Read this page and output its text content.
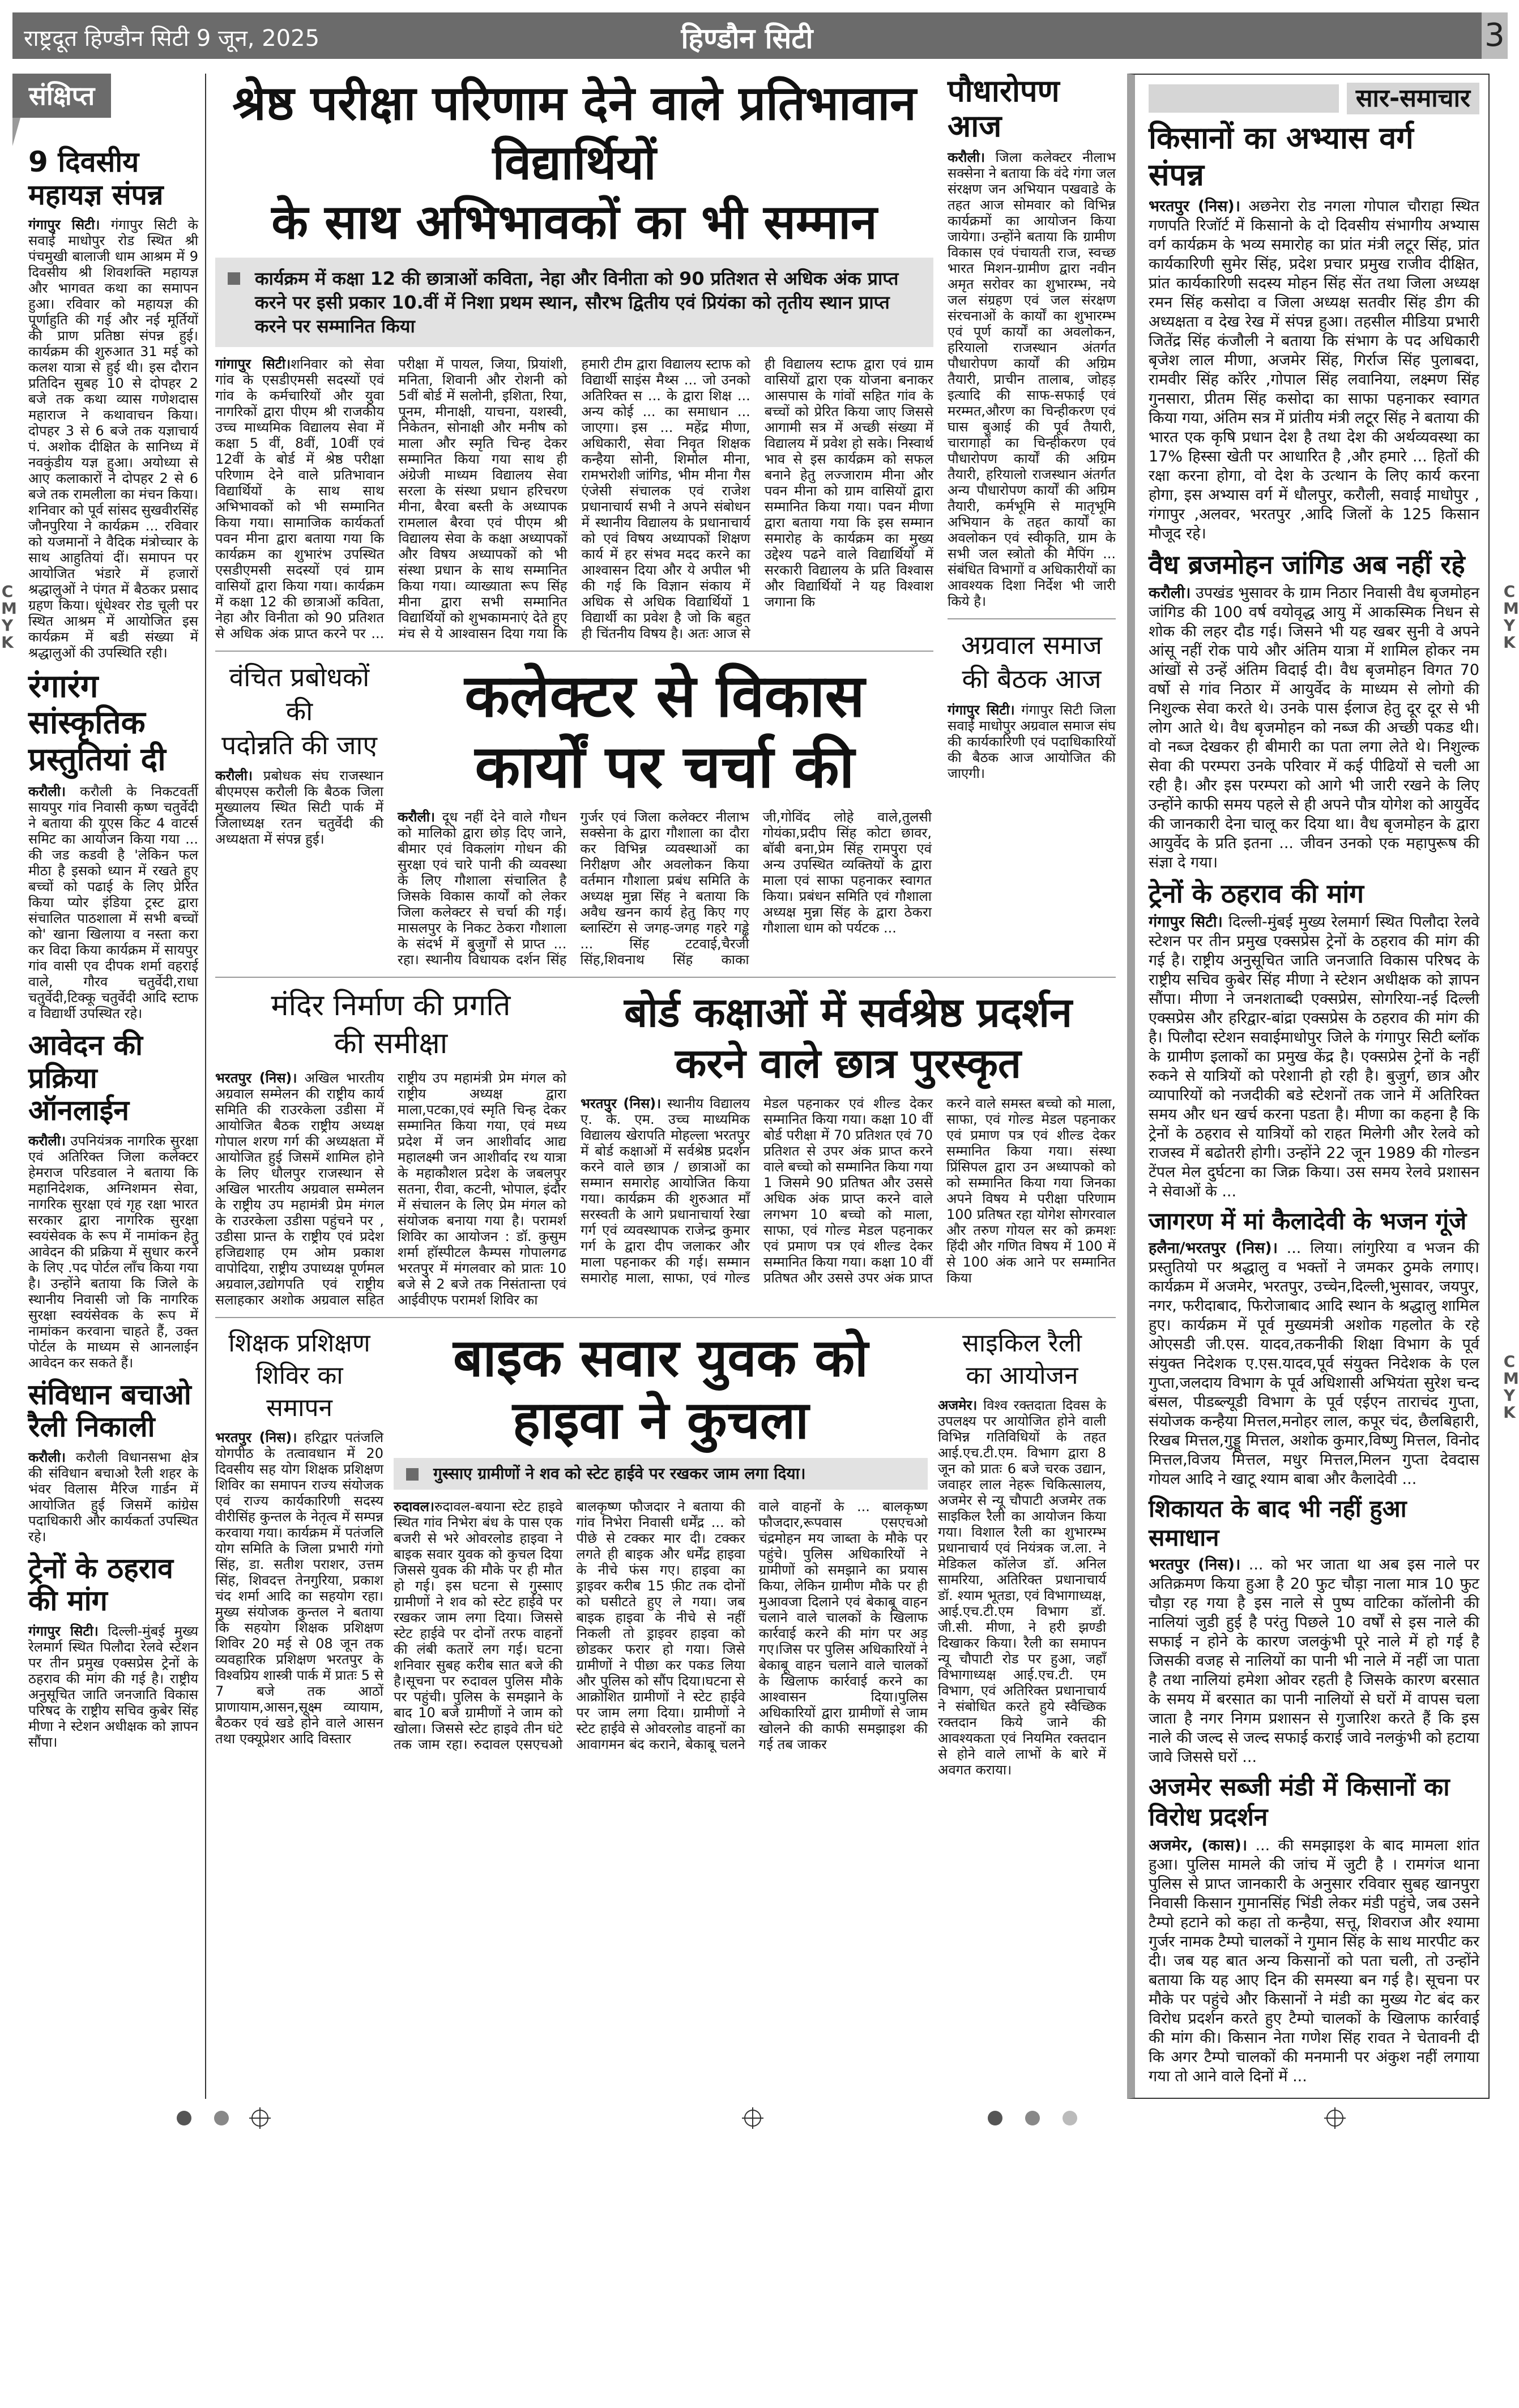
राष्ट्रदूत हिण्डौन सिटी 9 जून, 2025	हिण्डौन सिटी	3
CMYK
संक्षिप्त
9 दिवसीय महायज्ञ संपन्न
गंगापुर सिटी। गंगापुर सिटी के सवाई माधोपुर रोड स्थित श्री पंचमुखी बालाजी धाम आश्रम में 9 दिवसीय श्री शिवशक्ति महायज्ञ और भागवत कथा का समापन हुआ। रविवार को महायज्ञ की पूर्णाहुति की गई और नई मूर्तियों की प्राण प्रतिष्ठा संपन्न हुई। कार्यक्रम की शुरुआत 31 मई को कलश यात्रा से हुई थी। इस दौरान प्रतिदिन सुबह 10 से दोपहर 2 बजे तक कथा व्यास गणेशदास महाराज ने कथावाचन किया। दोपहर 3 से 6 बजे तक यज्ञाचार्य पं. अशोक दीक्षित के सानिध्य में नवकुंडीय यज्ञ हुआ। अयोध्या से आए कलाकारों ने दोपहर 2 से 6 बजे तक रामलीला का मंचन किया। शनिवार को पूर्व सांसद सुखवीरसिंह जौनपुरिया ने कार्यक्रम ... रविवार को यजमानों ने वैदिक मंत्रोच्चार के साथ आहुतियां दीं। समापन पर आयोजित भंडारे में हजारों श्रद्धालुओं ने पंगत में बैठकर प्रसाद ग्रहण किया। धूंधेश्वर रोड चूली पर स्थित आश्रम में आयोजित इस कार्यक्रम में बडी संख्या में श्रद्धालुओं की उपस्थिति रही।
रंगारंग सांस्कृतिक प्रस्तुतियां दी
करौली। करौली के निकटवर्ती सायपुर गांव निवासी कृष्ण चतुर्वेदी ने बताया की यूएस किट 4 वाटर्स समिट का आयोजन किया गया ... की जड कडवी है 'लेकिन फल मीठा है इसको ध्यान में रखते हुए बच्चों को पढाई के लिए प्रेरित किया प्योर इंडिया ट्रस्ट द्वारा संचालित पाठशाला में सभी बच्चों को' खाना खिलाया व नस्ता करा कर विदा किया कार्यक्रम में सायपुर गांव वासी एव दीपक शर्मा वहराई वाले, गौरव चतुर्वेदी,राधा चतुर्वेदी,टिक्कू चतुर्वेदी आदि स्टाफ व विद्यार्थी उपस्थित रहे।
आवेदन की प्रक्रिया ऑनलाईन
करौली। उपनियंत्रक नागरिक सुरक्षा एवं अतिरिक्त जिला कलेक्टर हेमराज परिडवाल ने बताया कि महानिदेशक, अग्निशमन सेवा, नागरिक सुरक्षा एवं गृह रक्षा भारत सरकार द्वारा नागरिक सुरक्षा स्वयंसेवक के रूप में नामांकन हेतु आवेदन की प्रक्रिया में सुधार करने के लिए .पद पोर्टल लॉंच किया गया है। उन्होंने बताया कि जिले के स्थानीय निवासी जो कि नागरिक सुरक्षा स्वयंसेवक के रूप में नामांकन करवाना चाहते हैं, उक्त पोर्टल के माध्यम से आनलाईन आवेदन कर सकते हैं।
संविधान बचाओ रैली निकाली
करौली। करौली विधानसभा क्षेत्र की संविधान बचाओ रैली शहर के भंवर विलास मैरिज गार्डन में आयोजित हुई जिसमें कांग्रेस पदाधिकारी और कार्यकर्ता उपस्थित रहे।
ट्रेनों के ठहराव की मांग
गंगापुर सिटी। दिल्ली-मुंबई मुख्य रेलमार्ग स्थित पिलौदा रेलवे स्टेशन पर तीन प्रमुख एक्सप्रेस ट्रेनों के ठहराव की मांग की गई है। राष्ट्रीय अनुसूचित जाति जनजाति विकास परिषद के राष्ट्रीय सचिव कुबेर सिंह मीणा ने स्टेशन अधीक्षक को ज्ञापन सौंपा।
श्रेष्ठ परीक्षा परिणाम देने वाले प्रतिभावान विद्यार्थियों
के साथ अभिभावकों का भी सम्मान
कार्यक्रम में कक्षा 12 की छात्राओं कविता, नेहा और विनीता को 90 प्रतिशत से अधिक अंक प्राप्त करने पर इसी प्रकार 10.वीं में निशा प्रथम स्थान, सौरभ द्वितीय एवं प्रियंका को तृतीय स्थान प्राप्त करने पर सम्मानित किया
गांगापुर सिटी।शनिवार को सेवा गांव के एसडीएमसी सदस्यों एवं गांव के कर्मचारियों और युवा नागरिकों द्वारा पीएम श्री राजकीय उच्च माध्यमिक विद्यालय सेवा में कक्षा 5 वीं, 8वीं, 10वीं एवं 12वीं के बोर्ड में श्रेष्ठ परीक्षा परिणाम देने वाले प्रतिभावान विद्यार्थियों के साथ साथ अभिभावकों को भी सम्मानित किया गया। सामाजिक कार्यकर्ता पवन मीना द्वारा बताया गया कि कार्यक्रम का शुभारंभ उपस्थित एसडीएमसी सदस्यों एवं ग्राम वासियों द्वारा किया गया। कार्यक्रम में कक्षा 12 की छात्राओं कविता, नेहा और विनीता को 90 प्रतिशत से अधिक अंक प्राप्त करने पर ... परीक्षा में पायल, जिया, प्रियांशी, मनिता, शिवानी और रोशनी को 5वीं बोर्ड में सलोनी, इशिता, रिया, पूनम, मीनाक्षी, याचना, यशस्वी, निकेतन, सोनाक्षी और मनीष को माला और स्मृति चिन्ह देकर सम्मानित किया गया साथ ही अंग्रेजी माध्यम विद्यालय सेवा सरला के संस्था प्रधान हरिचरण मीना, बैरवा बस्ती के अध्यापक रामलाल बैरवा एवं पीएम श्री विद्यालय सेवा के कक्षा अध्यापकों और विषय अध्यापकों को भी संस्था प्रधान के साथ सम्मानित किया गया। व्याख्याता रूप सिंह मीना द्वारा सभी सम्मानित विद्यार्थियों को शुभकामनाएं देते हुए मंच से ये आश्वासन दिया गया कि हमारी टीम द्वारा विद्यालय स्टाफ को विद्यार्थी साइंस मैथ्स ... जो उनको अतिरिक्त स ... के द्वारा शिक्ष ... अन्य कोई ... का समाधान ... जाएगा। इस ... महेंद्र मीणा, अधिकारी, सेवा निवृत शिक्षक कन्हैया सोनी, शिमोल मीना, रामभरोशी जांगिड, भीम मीना गैस एंजेसी संचालक एवं राजेश प्रधानाचार्य सभी ने अपने संबोधन में स्थानीय विद्यालय के प्रधानाचार्य को एवं विषय अध्यापकों शिक्षण कार्य में हर संभव मदद करने का आश्वासन दिया और ये अपील भी की गई कि विज्ञान संकाय में अधिक से अधिक विद्यार्थियों 1 विद्यार्थी का प्रवेश है जो कि बहुत ही चिंतनीय विषय है। अतः आज से ही विद्यालय स्टाफ द्वारा एवं ग्राम वासियों द्वारा एक योजना बनाकर आसपास के गांवों सहित गांव के बच्चों को प्रेरित किया जाए जिससे आगामी सत्र में अच्छी संख्या में विद्यालय में प्रवेश हो सके। निस्वार्थ भाव से इस कार्यक्रम को सफल बनाने हेतु लज्जाराम मीना और पवन मीना को ग्राम वासियों द्वारा सम्मानित किया गया। पवन मीणा द्वारा बताया गया कि इस सम्मान समारोह के कार्यक्रम का मुख्य उद्देश्य पढने वाले विद्यार्थियों में सरकारी विद्यालय के प्रति विश्वास और विद्यार्थियों ने यह विश्वाश जगाना कि
वंचित प्रबोधकों की
पदोन्नति की जाए
करौली। प्रबोधक संघ राजस्थान बीएमएस करौली कि बैठक जिला मुख्यालय स्थित सिटी पार्क में जिलाध्यक्ष रतन चतुर्वेदी की अध्यक्षता में संपन्न हुई।
कलेक्टर से विकास
कार्यों पर चर्चा की
करौली। दूध नहीं देने वाले गौधन को मालिको द्वारा छोड़ दिए जाने, बीमार एवं विकलांग गोधन की सुरक्षा एवं चारे पानी की व्यवस्था के लिए गौशाला संचालित है जिसके विकास कार्यों को लेकर जिला कलेक्टर से चर्चा की गई। मासलपुर के निकट ठेकरा गौशाला के संदर्भ में बुजुर्गों से प्राप्त ... रहा। स्थानीय विधायक दर्शन सिंह गुर्जर एवं जिला कलेक्टर नीलाभ सक्सेना के द्वारा गौशाला का दौरा कर विभिन्न व्यवस्थाओं का निरीक्षण और अवलोकन किया वर्तमान गौशाला प्रबंध समिति के अध्यक्ष मुन्ना सिंह ने बताया कि अवैध खनन कार्य हेतु किए गए ब्लास्टिंग से जगह-जगह गहरे गड्ढे ... सिंह टटवाई,चैरजी सिंह,शिवनाथ सिंह काका जी,गोविंद लोहे वाले,तुलसी गोयंका,प्रदीप सिंह कोटा छावर, बॉबी बना,प्रेम सिंह रामपुरा एवं अन्य उपस्थित व्यक्तियों के द्वारा माला एवं साफा पहनाकर स्वागत किया। प्रबंधन समिति एवं गौशाला अध्यक्ष मुन्ना सिंह के द्वारा ठेकरा गौशाला धाम को पर्यटक ...
पौधारोपण आज
करौली। जिला कलेक्टर नीलाभ सक्सेना ने बताया कि वंदे गंगा जल संरक्षण जन अभियान पखवाडे के तहत आज सोमवार को विभिन्न कार्यक्रमों का आयोजन किया जायेगा। उन्होंने बताया कि ग्रामीण विकास एवं पंचायती राज, स्वच्छ भारत मिशन-ग्रामीण द्वारा नवीन अमृत सरोवर का शुभारम्भ, नये जल संग्रहण एवं जल संरक्षण संरचनाओं के कार्यों का शुभारम्भ एवं पूर्ण कार्यों का अवलोकन, हरियालो राजस्थान अंतर्गत पौधारोपण कार्यों की अग्रिम तैयारी, प्राचीन तालाब, जोहड़ इत्यादि की साफ-सफाई एवं मरम्मत,औरण का चिन्हीकरण एवं घास बुआई की पूर्व तैयारी, चारागाहों का चिन्हीकरण एवं पौधारोपण कार्यों की अग्रिम तैयारी, हरियालो राजस्थान अंतर्गत अन्य पौधारोपण कार्यों की अग्रिम तैयारी, कर्मभूमि से मातृभूमि अभियान के तहत कार्यों का अवलोकन एवं स्वीकृति, ग्राम के सभी जल स्त्रोतो की मैपिंग ... संबंधित विभागों व अधिकारीयों का आवश्यक दिशा निर्देश भी जारी किये है।
अग्रवाल समाज
की बैठक आज
गंगापुर सिटी। गंगापुर सिटी जिला सवाई माधोपुर अग्रवाल समाज संघ की कार्यकारिणी एवं पदाधिकारियों की बैठक आज आयोजित की जाएगी।
मंदिर निर्माण की प्रगति
की समीक्षा
भरतपुर (निस)। अखिल भारतीय अग्रवाल सम्मेलन की राष्ट्रीय कार्य समिति की राउरकेला उडीसा में आयोजित बैठक राष्ट्रीय अध्यक्ष गोपाल शरण गर्ग की अध्यक्षता में आयोजित हुई जिसमें शामिल होने के लिए धौलपुर राजस्थान से अखिल भारतीय अग्रवाल सम्मेलन के राष्ट्रीय उप महामंत्री प्रेम मंगल के राउरकेला उडीसा पहुंचने पर , उडीसा प्रान्त के राष्ट्रीय एवं प्रदेश हजिद्यशाह एम ओम प्रकाश वापोदिया, राष्ट्रीय उपाध्यक्ष पूर्णमल अग्रवाल,उद्योगपति एवं राष्ट्रीय सलाहकार अशोक अग्रवाल सहित राष्ट्रीय उप महामंत्री प्रेम मंगल को राष्ट्रीय अध्यक्ष द्वारा माला,पटका,एवं स्मृति चिन्ह देकर सम्मानित किया गया, एवं मध्य प्रदेश में जन आशीर्वाद आद्य महालक्ष्मी जन आशीर्वाद रथ यात्रा के महाकौशल प्रदेश के जबलपुर सतना, रीवा, कटनी, भोपाल, इंदौर में संचालन के लिए प्रेम मंगल को संयोजक बनाया गया है। परामर्श शिविर का आयोजन : डॉ. कुसुम शर्मा हॉस्पीटल कैम्पस गोपालगढ भरतपुर में मंगलवार को प्रातः 10 बजे से 2 बजे तक निसंतान्ता एवं आईवीएफ परामर्श शिविर का
बोर्ड कक्षाओं में सर्वश्रेष्ठ प्रदर्शन
करने वाले छात्र पुरस्कृत
भरतपुर (निस)। स्थानीय विद्यालय ए. के. एम. उच्च माध्यमिक विद्यालय खेरापति मोहल्ला भरतपुर में बोर्ड कक्षाओं में सर्वश्रेष्ठ प्रदर्शन करने वाले छात्र / छात्राओं का सम्मान समारोह आयोजित किया गया। कार्यक्रम की शुरुआत माँ सरस्वती के आगे प्रधानाचार्या रेखा गर्ग एवं व्यवस्थापक राजेन्द्र कुमार गर्ग के द्वारा दीप जलाकर और माला पहनाकर की गई। सम्मान समारोह माला, साफा, एवं गोल्ड मेडल पहनाकर एवं शील्ड देकर सम्मानित किया गया। कक्षा 10 वीं बोर्ड परीक्षा में 70 प्रतिशत एवं 70 प्रतिशत से उपर अंक प्राप्त करने वाले बच्चो को सम्मानित किया गया 1 जिसमे 90 प्रतिषत और उससे अधिक अंक प्राप्त करने वाले लगभग 10 बच्चो को माला, साफा, एवं गोल्ड मेडल पहनाकर एवं प्रमाण पत्र एवं शील्ड देकर सम्मानित किया गया। कक्षा 10 वीं प्रतिषत और उससे उपर अंक प्राप्त करने वाले समस्त बच्चो को माला, साफा, एवं गोल्ड मेडल पहनाकर एवं प्रमाण पत्र एवं शील्ड देकर सम्मानित किया गया। संस्था प्रिंसिपल द्वारा उन अध्यापको को को सम्मानित किया गया जिनका अपने विषय मे परीक्षा परिणाम 100 प्रतिषत रहा योगेश सोगरवाल और तरुण गोयल सर को क्रमशः हिंदी और गणित विषय में 100 में से 100 अंक आने पर सम्मानित किया
शिक्षक प्रशिक्षण
शिविर का
समापन
भरतपुर (निस)। हरिद्वार पतंजलि योगपीठ के तत्वावधान में 20 दिवसीय सह योग शिक्षक प्रशिक्षण शिविर का समापन राज्य संयोजक एवं राज्य कार्यकारिणी सदस्य वीरीसिंह कुन्तल के नेतृत्व में सम्पन्न करवाया गया। कार्यक्रम में पतंजलि योग समिति के जिला प्रभारी गंगो सिंह, डा. सतीश पराशर, उत्तम सिंह, शिवदत्त तेनगुरिया, प्रकाश चंद शर्मा आदि का सहयोग रहा। मुख्य संयोजक कुन्तल ने बताया कि सहयोग शिक्षक प्रशिक्षण शिविर 20 मई से 08 जून तक व्यवहारिक प्रशिक्षण भरतपुर के विश्वप्रिय शास्त्री पार्क में प्रातः 5 से 7 बजे तक आठों प्राणायाम,आसन,सूक्ष्म व्यायाम, बैठकर एवं खडे होने वाले आसन तथा एक्यूप्रेशर आदि विस्तार
बाइक सवार युवक को
हाइवा ने कुचला
गुस्साए ग्रामीणों ने शव को स्टेट हाईवे पर रखकर जाम लगा दिया।
रुदावल।रुदावल-बयाना स्टेट हाइवे स्थित गांव निभेरा बंध के पास एक बजरी से भरे ओवरलोड हाइवा ने बाइक सवार युवक को कुचल दिया जिससे युवक की मौके पर ही मौत हो गई। इस घटना से गुस्साए ग्रामीणों ने शव को स्टेट हाईवे पर रखकर जाम लगा दिया। जिससे स्टेट हाईवे पर दोनों तरफ वाहनों की लंबी कतारें लग गई। घटना शनिवार सुबह करीब सात बजे की है।सूचना पर रुदावल पुलिस मौके पर पहुंची। पुलिस के समझाने के बाद 10 बजे ग्रामीणों ने जाम को खोला। जिससे स्टेट हाइवे तीन घंटे तक जाम रहा। रुदावल एसएचओ बालकृष्ण फौजदार ने बताया की गांव निभेरा निवासी धर्मेंद्र ... को पीछे से टक्कर मार दी। टक्कर लगते ही बाइक और धर्मेंद्र हाइवा के नीचे फंस गए। हाइवा का ड्राइवर करीब 15 फ़ीट तक दोनों को घसीटते हुए ले गया। जब बाइक हाइवा के नीचे से नहीं निकली तो ड्राइवर हाइवा को छोडकर फरार हो गया। जिसे ग्रामीणों ने पीछा कर पकड लिया और पुलिस को सौंप दिया।घटना से आक्रोशित ग्रामीणों ने स्टेट हाईवे पर जाम लगा दिया। ग्रामीणों ने स्टेट हाईवे से ओवरलोड वाहनों का आवागमन बंद कराने, बेकाबू चलने वाले वाहनों के ... बालकृष्ण फौजदार,रूपवास एसएचओ चंद्रमोहन मय जाब्ता के मौके पर पहुंचे। पुलिस अधिकारियों ने ग्रामीणों को समझाने का प्रयास किया, लेकिन ग्रामीण मौके पर ही मुआवजा दिलाने एवं बेकाबू वाहन चलाने वाले चालकों के खिलाफ कार्रवाई करने की मांग पर अड़ गए।जिस पर पुलिस अधिकारियों ने बेकाबू वाहन चलाने वाले चालकों के खिलाफ कार्रवाई करने का आश्वासन दिया।पुलिस अधिकारियों द्वारा ग्रामीणों से जाम खोलने की काफी समझाइश की गई तब जाकर
साइकिल रैली
का आयोजन
अजमेर। विश्व रक्तदाता दिवस के उपलक्ष्य पर आयोजित होने वाली विभिन्न गतिविधियों के तहत आई.एच.टी.एम. विभाग द्वारा 8 जून को प्रातः 6 बजे चरक उद्यान, जवाहर लाल नेहरू चिकित्सालय, अजमेर से न्यू चौपाटी अजमेर तक साइकिल रैली का आयोजन किया गया। विशाल रैली का शुभारम्भ प्रधानाचार्य एवं नियंत्रक ज.ला. ने मेडिकल कॉलेज डॉ. अनिल सामरिया, अतिरिक्त प्रधानाचार्य डॉ. श्याम भूतडा, एवं विभागाध्यक्ष, आई.एच.टी.एम विभाग डॉ. जी.सी. मीणा, ने हरी झण्डी दिखाकर किया। रैली का समापन न्यू चौपाटी रोड पर हुआ, जहाँ विभागाध्यक्ष आई.एच.टी. एम विभाग, एवं अतिरिक्त प्रधानाचार्य ने संबोधित करते हुये स्वैच्छिक रक्तदान किये जाने की आवश्यकता एवं नियमित रक्तदान से होने वाले लाभों के बारे में अवगत कराया।
सार-समाचार
किसानों का अभ्यास वर्ग संपन्न
भरतपुर (निस)। अछनेरा रोड नगला गोपाल चौराहा स्थित गणपति रिजॉर्ट में किसानो के दो दिवसीय संभागीय अभ्यास वर्ग कार्यक्रम के भव्य समारोह का प्रांत मंत्री लटूर सिंह, प्रांत कार्यकारिणी सुमेर सिंह, प्रदेश प्रचार प्रमुख राजीव दीक्षित, प्रांत कार्यकारिणी सदस्य मोहन सिंह सेंत तथा जिला अध्यक्ष रमन सिंह कसोदा व जिला अध्यक्ष सतवीर सिंह डीग की अध्यक्षता व देख रेख में संपन्न हुआ। तहसील मीडिया प्रभारी जितेंद्र सिंह कंजौली ने बताया कि संभाग के पद अधिकारी बृजेश लाल मीणा, अजमेर सिंह, गिर्राज सिंह पुलाबदा, रामवीर सिंह कॉरेर ,गोपाल सिंह लवानिया, लक्ष्मण सिंह गुनसारा, प्रीतम सिंह कसोदा का साफा पहनाकर स्वागत किया गया, अंतिम सत्र में प्रांतीय मंत्री लटूर सिंह ने बताया की भारत एक कृषि प्रधान देश है तथा देश की अर्थव्यवस्था का 17% हिस्सा खेती पर आधारित है ,और हमारे ... हितों की रक्षा करना होगा, वो देश के उत्थान के लिए कार्य करना होगा, इस अभ्यास वर्ग में धौलपुर, करौली, सवाई माधोपुर , गंगापुर ,अलवर, भरतपुर ,आदि जिलों के 125 किसान मौजूद रहे।
वैध ब्रजमोहन जांगिड अब नहीं रहे
करौली। उपखंड भुसावर के ग्राम निठार निवासी वैध बृजमोहन जांगिड की 100 वर्ष वयोवृद्ध आयु में आकस्मिक निधन से शोक की लहर दौड गई। जिसने भी यह खबर सुनी वे अपने आंसू नहीं रोक पाये और अंतिम यात्रा में शामिल होकर नम आंखों से उन्हें अंतिम विदाई दी। वैध बृजमोहन विगत 70 वर्षो से गांव निठार में आयुर्वेद के माध्यम से लोगो की निशुल्क सेवा करते थे। उनके पास ईलाज हेतु दूर दूर से भी लोग आते थे। वैध बृजमोहन को नब्ज की अच्छी पकड थी। वो नब्ज देखकर ही बीमारी का पता लगा लेते थे। निशुल्क सेवा की परम्परा उनके परिवार में कई पीढियों से चली आ रही है। और इस परम्परा को आगे भी जारी रखने के लिए उन्होंने काफी समय पहले से ही अपने पौत्र योगेश को आयुर्वेद की जानकारी देना चालू कर दिया था। वैध बृजमोहन के द्वारा आयुर्वेद के प्रति इतना ... जीवन उनको एक महापुरूष की संज्ञा दे गया।
ट्रेनों के ठहराव की मांग
गंगापुर सिटी। दिल्ली-मुंबई मुख्य रेलमार्ग स्थित पिलौदा रेलवे स्टेशन पर तीन प्रमुख एक्सप्रेस ट्रेनों के ठहराव की मांग की गई है। राष्ट्रीय अनुसूचित जाति जनजाति विकास परिषद के राष्ट्रीय सचिव कुबेर सिंह मीणा ने स्टेशन अधीक्षक को ज्ञापन सौंपा। मीणा ने जनशताब्दी एक्सप्रेस, सोगरिया-नई दिल्ली एक्सप्रेस और हरिद्वार-बांद्रा एक्सप्रेस के ठहराव की मांग की है। पिलौदा स्टेशन सवाईमाधोपुर जिले के गंगापुर सिटी ब्लॉक के ग्रामीण इलाकों का प्रमुख केंद्र है। एक्सप्रेस ट्रेनों के नहीं रुकने से यात्रियों को परेशानी हो रही है। बुजुर्ग, छात्र और व्यापारियों को नजदीकी बडे स्टेशनों तक जाने में अतिरिक्त समय और धन खर्च करना पडता है। मीणा का कहना है कि ट्रेनों के ठहराव से यात्रियों को राहत मिलेगी और रेलवे को राजस्व में बढोतरी होगी। उन्होंने 22 जून 1989 की गोल्डन टेंपल मेल दुर्घटना का जिक्र किया। उस समय रेलवे प्रशासन ने सेवाओं के ...
जागरण में मां कैलादेवी के भजन गूंजे
हलैना/भरतपुर (निस)। ... लिया। लांगुरिया व भजन की प्रस्तुतियो पर श्रद्धालु व भक्तों ने जमकर ठुमके लगाए। कार्यक्रम में अजमेर, भरतपुर, उच्चेन,दिल्ली,भुसावर, जयपुर, नगर, फरीदाबाद, फिरोजाबाद आदि स्थान के श्रद्धालु शामिल हुए। कार्यक्रम में पूर्व मुख्यमंत्री अशोक गहलोत के रहे ओएसडी जी.एस. यादव,तकनीकी शिक्षा विभाग के पूर्व संयुक्त निदेशक ए.एस.यादव,पूर्व संयुक्त निदेशक के एल गुप्ता,जलदाय विभाग के पूर्व अधिशासी अभियंता सुरेश चन्द बंसल, पीडब्ल्यूडी विभाग के पूर्व एईएन ताराचंद गुप्ता, संयोजक कन्हैया मित्तल,मनोहर लाल, कपूर चंद, छैलबिहारी, रिखब मित्तल,गुड्डू मित्तल, अशोक कुमार,विष्णु मित्तल, विनोद मित्तल,विजय मित्तल, मधुर मित्तल,मिलन गुप्ता देवदास गोयल आदि ने खाटू श्याम बाबा और कैलादेवी ...
शिकायत के बाद भी नहीं हुआ समाधान
भरतपुर (निस)। ... को भर जाता था अब इस नाले पर अतिक्रमण किया हुआ है 20 फुट चौड़ा नाला मात्र 10 फुट चौड़ा रह गया है इस नाले से पुष्प वाटिका कॉलोनी की नालियां जुडी हुई है परंतु पिछले 10 वर्षों से इस नाले की सफाई न होने के कारण जलकुंभी पूरे नाले में हो गई है जिसकी वजह से नालियों का पानी भी नाले में नहीं जा पाता है तथा नालियां हमेशा ओवर रहती है जिसके कारण बरसात के समय में बरसात का पानी नालियों से घरों में वापस चला जाता है नगर निगम प्रशासन से गुजारिश करते हैं कि इस नाले की जल्द से जल्द सफाई कराई जावे नलकुंभी को हटाया जावे जिससे घरों ...
अजमेर सब्जी मंडी में किसानों का विरोध प्रदर्शन
अजमेर, (कास)। ... की समझाइश के बाद मामला शांत हुआ। पुलिस मामले की जांच में जुटी है । रामगंज थाना पुलिस से प्राप्त जानकारी के अनुसार रविवार सुबह खानपुरा निवासी किसान गुमानसिंह भिंडी लेकर मंडी पहुंचे, जब उसने टैम्पो हटाने को कहा तो कन्हैया, सत्तू, शिवराज और श्यामा गुर्जर नामक टैम्पो चालकों ने गुमान सिंह के साथ मारपीट कर दी। जब यह बात अन्य किसानों को पता चली, तो उन्होंने बताया कि यह आए दिन की समस्या बन गई है। सूचना पर मौके पर पहुंचे और किसानों ने मंडी का मुख्य गेट बंद कर विरोध प्रदर्शन करते हुए टैम्पो चालकों के खिलाफ कार्रवाई की मांग की। किसान नेता गणेश सिंह रावत ने चेतावनी दी कि अगर टैम्पो चालकों की मनमानी पर अंकुश नहीं लगाया गया तो आने वाले दिनों में ...
CMYK
CMYK
